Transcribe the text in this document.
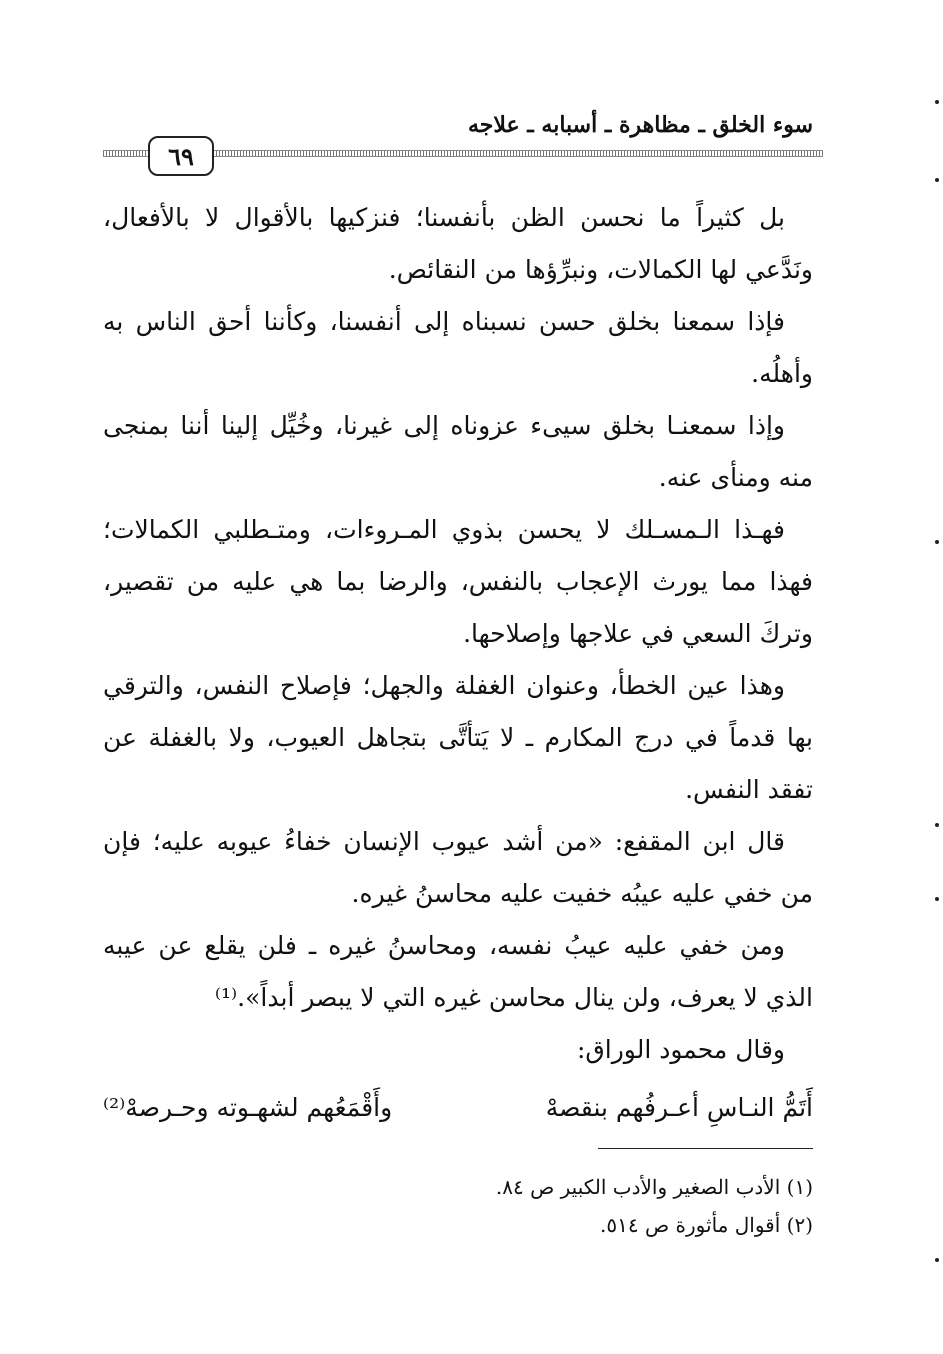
سوء الخلق ـ مظاهرة ـ أسبابه ـ علاجه
٦٩

بل كثيراً ما نحسن الظن بأنفسنا؛ فنزكيها بالأقوال لا بالأفعال، ونَدَّعي لها الكمالات، ونبرِّؤها من النقائص.

فإذا سمعنا بخلق حسن نسبناه إلى أنفسنا، وكأننا أحق الناس به وأهلُه.

وإذا سمعنـا بخلق سيىء عزوناه إلى غيرنا، وخُيِّل إلينا أننا بمنجى منه ومنأى عنه.

فهـذا الـمسـلك لا يحسن بذوي المـروءات، ومتـطلبي الكمالات؛ فهذا مما يورث الإعجاب بالنفس، والرضا بما هي عليه من تقصير، وتركَ السعي في علاجها وإصلاحها.

وهذا عين الخطأ، وعنوان الغفلة والجهل؛ فإصلاح النفس، والترقي بها قدماً في درج المكارم ـ لا يَتأتَّى بتجاهل العيوب، ولا بالغفلة عن تفقد النفس.

قال ابن المقفع: «من أشد عيوب الإنسان خفاءُ عيوبه عليه؛ فإن من خفي عليه عيبُه خفيت عليه محاسنُ غيره.

ومن خفي عليه عيبُ نفسه، ومحاسنُ غيره ـ فلن يقلع عن عيبه الذي لا يعرف، ولن ينال محاسن غيره التي لا يبصر أبداً».⁽¹⁾

وقال محمود الوراق:

أَتَمُّ النـاسِ أعـرفُهم بنقصهْ
وأَقْمَعُهم لشهـوته وحـرصهْ⁽²⁾

(١) الأدب الصغير والأدب الكبير ص ٨٤.

(٢) أقوال مأثورة ص ٥١٤.
